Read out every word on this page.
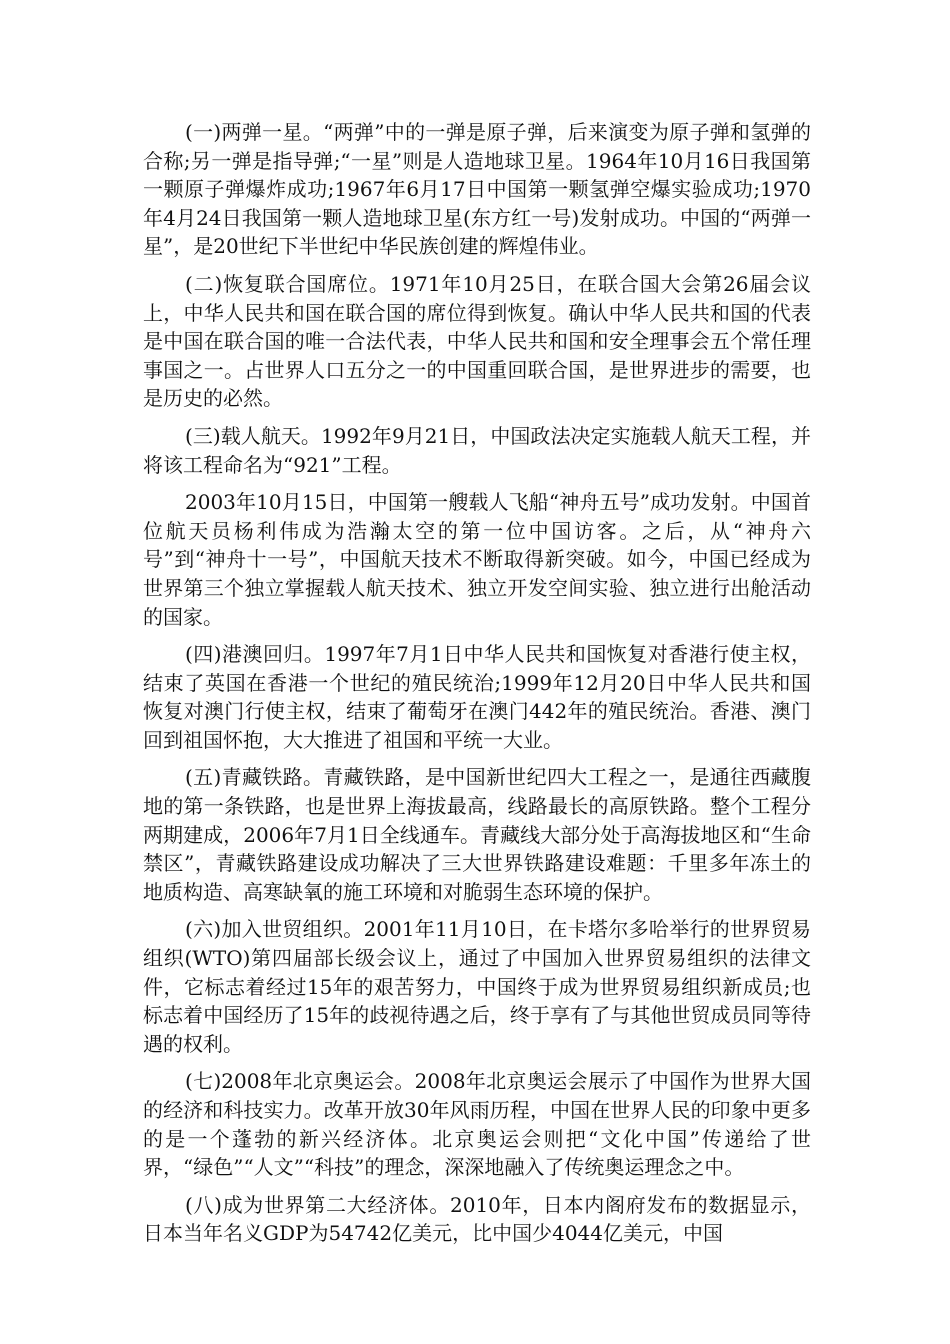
(一)两弹一星。“两弹”中的一弹是原子弹，后来演变为原子弹和氢弹的合称;另一弹是指导弹;“一星”则是人造地球卫星。1964年10月16日我国第一颗原子弹爆炸成功;1967年6月17日中国第一颗氢弹空爆实验成功;1970年4月24日我国第一颗人造地球卫星(东方红一号)发射成功。中国的“两弹一星”，是20世纪下半世纪中华民族创建的辉煌伟业。

(二)恢复联合国席位。1971年10月25日，在联合国大会第26届会议上，中华人民共和国在联合国的席位得到恢复。确认中华人民共和国的代表是中国在联合国的唯一合法代表，中华人民共和国和安全理事会五个常任理事国之一。占世界人口五分之一的中国重回联合国，是世界进步的需要，也是历史的必然。

(三)载人航天。1992年9月21日，中国政法决定实施载人航天工程，并将该工程命名为“921”工程。

2003年10月15日，中国第一艘载人飞船“神舟五号”成功发射。中国首位航天员杨利伟成为浩瀚太空的第一位中国访客。之后，从“神舟六号”到“神舟十一号”，中国航天技术不断取得新突破。如今，中国已经成为世界第三个独立掌握载人航天技术、独立开发空间实验、独立进行出舱活动的国家。

(四)港澳回归。1997年7月1日中华人民共和国恢复对香港行使主权，结束了英国在香港一个世纪的殖民统治;1999年12月20日中华人民共和国恢复对澳门行使主权，结束了葡萄牙在澳门442年的殖民统治。香港、澳门回到祖国怀抱，大大推进了祖国和平统一大业。

(五)青藏铁路。青藏铁路，是中国新世纪四大工程之一，是通往西藏腹地的第一条铁路，也是世界上海拔最高，线路最长的高原铁路。整个工程分两期建成，2006年7月1日全线通车。青藏线大部分处于高海拔地区和“生命禁区”，青藏铁路建设成功解决了三大世界铁路建设难题：千里多年冻土的地质构造、高寒缺氧的施工环境和对脆弱生态环境的保护。

(六)加入世贸组织。2001年11月10日，在卡塔尔多哈举行的世界贸易组织(WTO)第四届部长级会议上，通过了中国加入世界贸易组织的法律文件，它标志着经过15年的艰苦努力，中国终于成为世界贸易组织新成员;也标志着中国经历了15年的歧视待遇之后，终于享有了与其他世贸成员同等待遇的权利。

(七)2008年北京奥运会。2008年北京奥运会展示了中国作为世界大国的经济和科技实力。改革开放30年风雨历程，中国在世界人民的印象中更多的是一个蓬勃的新兴经济体。北京奥运会则把“文化中国”传递给了世界，“绿色”“人文”“科技”的理念，深深地融入了传统奥运理念之中。

(八)成为世界第二大经济体。2010年，日本内阁府发布的数据显示，日本当年名义GDP为54742亿美元，比中国少4044亿美元，中国
